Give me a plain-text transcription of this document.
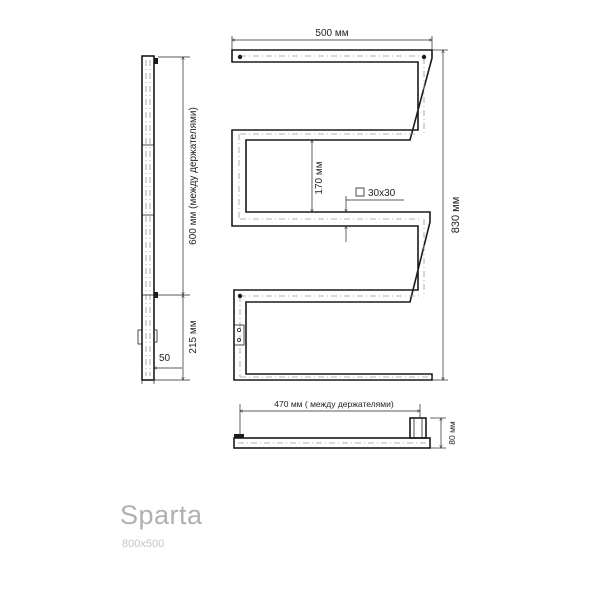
600 мм (между держателями)
215 мм
50
500 мм
830 мм
170 мм	30x30
470 мм ( между держателями)
80 мм
Sparta
800x500
